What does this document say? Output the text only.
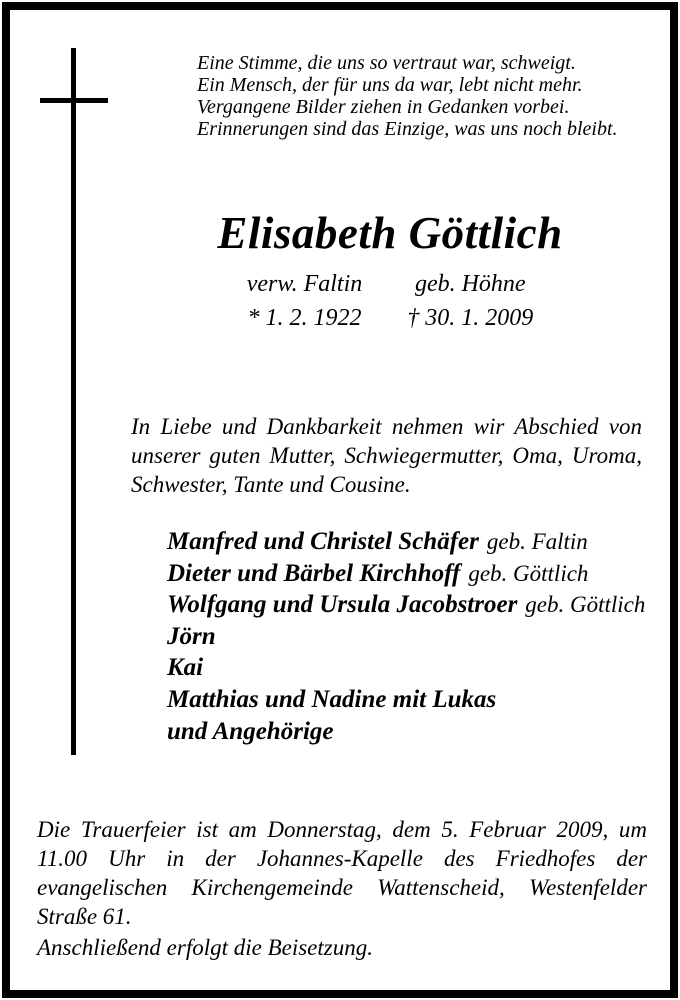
Eine Stimme, die uns so vertraut war, schweigt.
Ein Mensch, der für uns da war, lebt nicht mehr.
Vergangene Bilder ziehen in Gedanken vorbei.
Erinnerungen sind das Einzige, was uns noch bleibt.
Elisabeth Göttlich
verw. Faltin	geb. Höhne
* 1. 2. 1922 † 30. 1. 2009
In Liebe und Dankbarkeit nehmen wir Abschied von
unserer guten Mutter, Schwiegermutter, Oma, Uroma,
Schwester, Tante und Cousine.
Manfred und Christel Schäfer geb. Faltin
Dieter und Bärbel Kirchhoff geb. Göttlich
Wolfgang und Ursula Jacobstroer geb. Göttlich
Jörn
Kai
Matthias und Nadine mit Lukas
und Angehörige
Die Trauerfeier ist am Donnerstag, dem 5. Februar 2009, um
11.00 Uhr in der Johannes-Kapelle des Friedhofes der
evangelischen Kirchengemeinde Wattenscheid, Westenfelder
Straße 61.
Anschließend erfolgt die Beisetzung.
